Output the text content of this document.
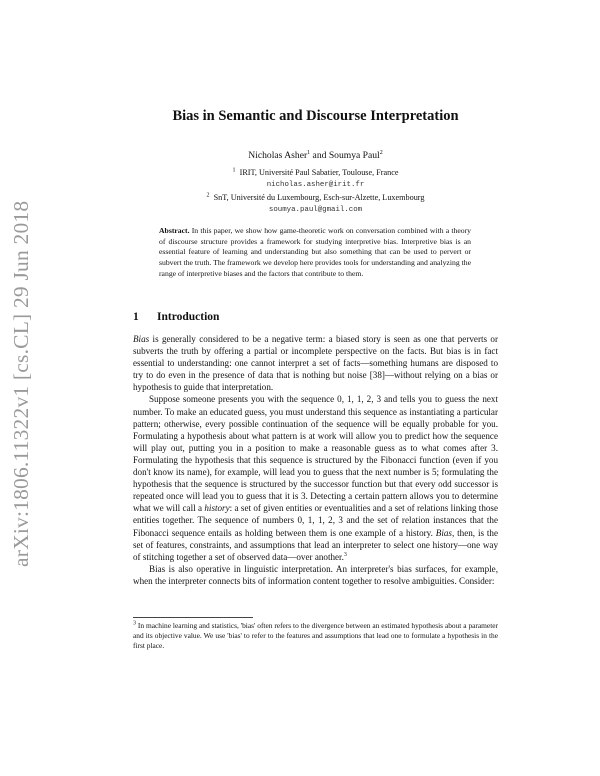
arXiv:1806.11322v1 [cs.CL] 29 Jun 2018
Bias in Semantic and Discourse Interpretation
Nicholas Asher$^1$ and Soumya Paul$^2$
$^1$ IRIT, Université Paul Sabatier, Toulouse, France
nicholas.asher@irit.fr
$^2$ SnT, Université du Luxembourg, Esch-sur-Alzette, Luxembourg
soumya.paul@gmail.com
Abstract. In this paper, we show how game-theoretic work on conversation combined with a theory of discourse structure provides a framework for studying interpretive bias. Interpretive bias is an essential feature of learning and understanding but also something that can be used to pervert or subvert the truth. The framework we develop here provides tools for understanding and analyzing the range of interpretive biases and the factors that contribute to them.
1 Introduction

Bias is generally considered to be a negative term: a biased story is seen as one that perverts or subverts the truth by offering a partial or incomplete perspective on the facts. But bias is in fact essential to understanding: one cannot interpret a set of facts—something humans are disposed to try to do even in the presence of data that is nothing but noise [38]—without relying on a bias or hypothesis to guide that interpretation.

Suppose someone presents you with the sequence 0, 1, 1, 2, 3 and tells you to guess the next number. To make an educated guess, you must understand this sequence as instantiating a particular pattern; otherwise, every possible continuation of the sequence will be equally probable for you. Formulating a hypothesis about what pattern is at work will allow you to predict how the sequence will play out, putting you in a position to make a reasonable guess as to what comes after 3. Formulating the hypothesis that this sequence is structured by the Fibonacci function (even if you don't know its name), for example, will lead you to guess that the next number is 5; formulating the hypothesis that the sequence is structured by the successor function but that every odd successor is repeated once will lead you to guess that it is 3. Detecting a certain pattern allows you to determine what we will call a history: a set of given entities or eventualities and a set of relations linking those entities together. The sequence of numbers 0, 1, 1, 2, 3 and the set of relation instances that the Fibonacci sequence entails as holding between them is one example of a history. Bias, then, is the set of features, constraints, and assumptions that lead an interpreter to select one history—one way of stitching together a set of observed data—over another.$^3$

Bias is also operative in linguistic interpretation. An interpreter's bias surfaces, for example, when the interpreter connects bits of information content together to resolve ambiguities. Consider:

$^3$ In machine learning and statistics, 'bias' often refers to the divergence between an estimated hypothesis about a parameter and its objective value. We use 'bias' to refer to the features and assumptions that lead one to formulate a hypothesis in the first place.
